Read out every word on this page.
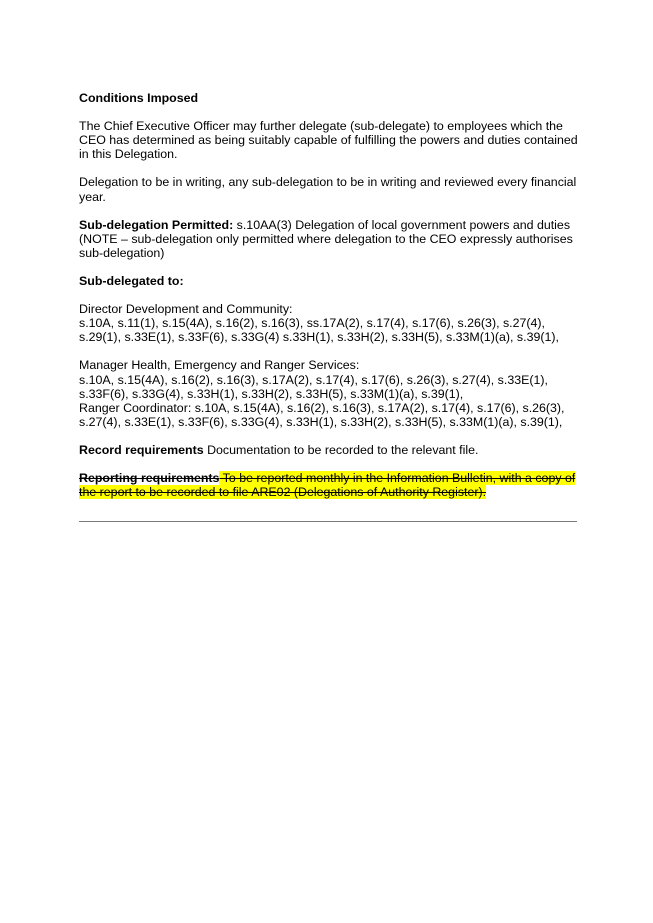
Conditions Imposed

The Chief Executive Officer may further delegate (sub-delegate) to employees which the
CEO has determined as being suitably capable of fulfilling the powers and duties contained
in this Delegation.

Delegation to be in writing, any sub-delegation to be in writing and reviewed every financial
year.

Sub-delegation Permitted: s.10AA(3) Delegation of local government powers and duties
(NOTE – sub-delegation only permitted where delegation to the CEO expressly authorises
sub-delegation)

Sub-delegated to:

Director Development and Community:
s.10A, s.11(1), s.15(4A), s.16(2), s.16(3), ss.17A(2), s.17(4), s.17(6), s.26(3), s.27(4),
s.29(1), s.33E(1), s.33F(6), s.33G(4) s.33H(1), s.33H(2), s.33H(5), s.33M(1)(a), s.39(1),

Manager Health, Emergency and Ranger Services:
s.10A, s.15(4A), s.16(2), s.16(3), s.17A(2), s.17(4), s.17(6), s.26(3), s.27(4), s.33E(1),
s.33F(6), s.33G(4), s.33H(1), s.33H(2), s.33H(5), s.33M(1)(a), s.39(1),
Ranger Coordinator: s.10A, s.15(4A), s.16(2), s.16(3), s.17A(2), s.17(4), s.17(6), s.26(3),
s.27(4), s.33E(1), s.33F(6), s.33G(4), s.33H(1), s.33H(2), s.33H(5), s.33M(1)(a), s.39(1),

Record requirements Documentation to be recorded to the relevant file.

Reporting requirements To be reported monthly in the Information Bulletin, with a copy of
the report to be recorded to file ARE02 (Delegations of Authority Register).
